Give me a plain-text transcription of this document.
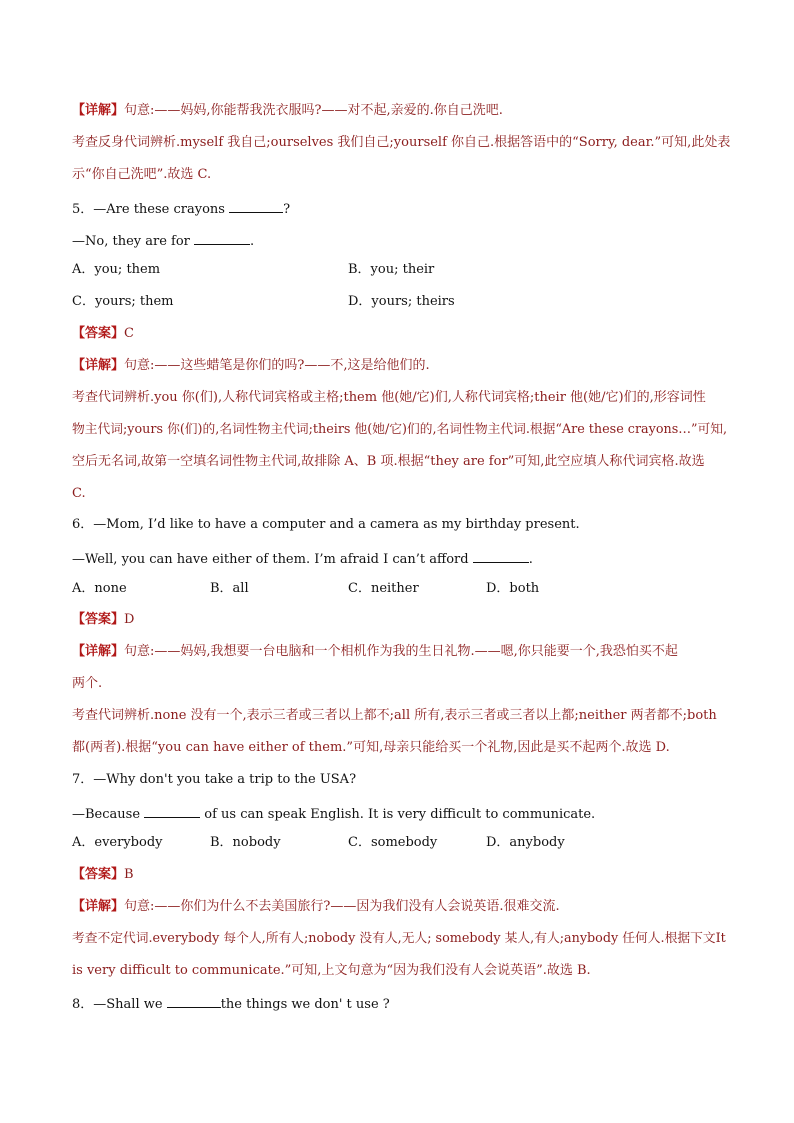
【详解】句意:——妈妈,你能帮我洗衣服吗?——对不起,亲爱的.你自己洗吧.
考查反身代词辨析.myself 我自己;ourselves 我们自己;yourself 你自己.根据答语中的“Sorry, dear.”可知,此处表
示“你自己洗吧”.故选 C.
5．—Are these crayons	?
—No, they are for	.
A．you; them	B．you; their
C．yours; them	D．yours; theirs
【答案】C
【详解】句意:——这些蜡笔是你们的吗?——不,这是给他们的.
考查代词辨析.you 你(们),人称代词宾格或主格;them 他(她/它)们,人称代词宾格;their 他(她/它)们的,形容词性
物主代词;yours 你(们)的,名词性物主代词;theirs 他(她/它)们的,名词性物主代词.根据“Are these crayons…”可知,
空后无名词,故第一空填名词性物主代词,故排除 A、B 项.根据“they are for”可知,此空应填人称代词宾格.故选
C.
6．—Mom, I’d like to have a computer and a camera as my birthday present.
—Well, you can have either of them. I’m afraid I can’t afford	.
A．none	B．all	C．neither	D．both
【答案】D
【详解】句意:——妈妈,我想要一台电脑和一个相机作为我的生日礼物.——嗯,你只能要一个,我恐怕买不起
两个.
考查代词辨析.none 没有一个,表示三者或三者以上都不;all 所有,表示三者或三者以上都;neither 两者都不;both
都(两者).根据“you can have either of them.”可知,母亲只能给买一个礼物,因此是买不起两个.故选 D.
7．—Why don't you take a trip to the USA?
—Because	of us can speak English. It is very difficult to communicate.
A．everybody	B．nobody	C．somebody	D．anybody
【答案】B
【详解】句意:——你们为什么不去美国旅行?——因为我们没有人会说英语.很难交流.
考查不定代词.everybody 每个人,所有人;nobody 没有人,无人; somebody 某人,有人;anybody 任何人.根据下文It
is very difficult to communicate.”可知,上文句意为“因为我们没有人会说英语”.故选 B.
8．—Shall we	the things we don' t use ?
